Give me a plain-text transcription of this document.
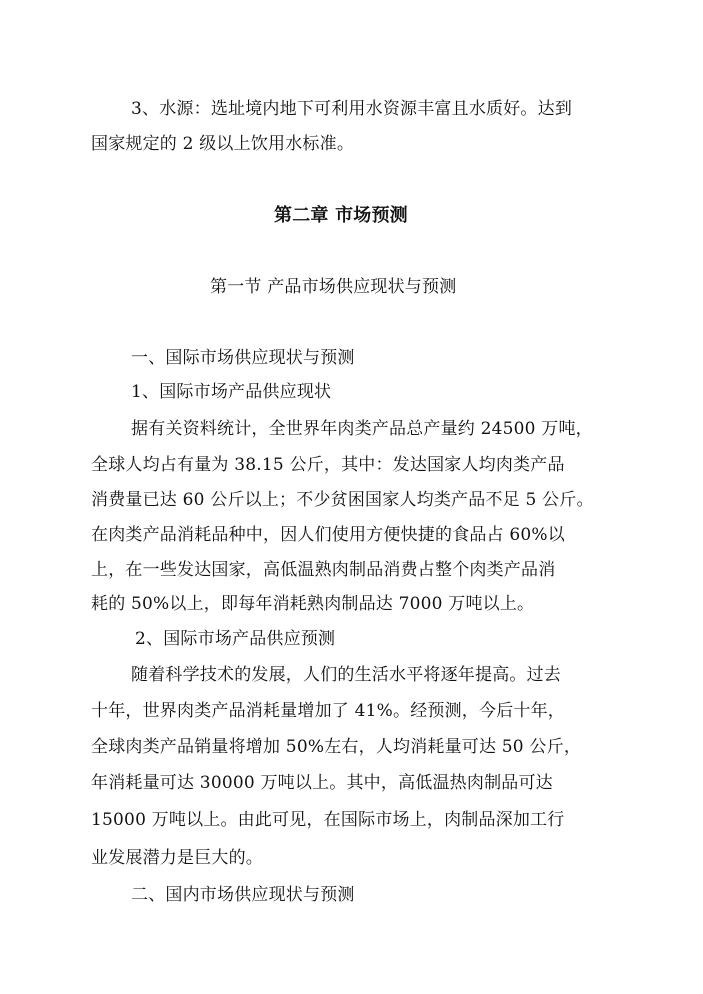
3、水源：选址境内地下可利用水资源丰富且水质好。达到
国家规定的 2 级以上饮用水标准。
第二章 市场预测
第一节 产品市场供应现状与预测
一、国际市场供应现状与预测
1、国际市场产品供应现状
据有关资料统计，全世界年肉类产品总产量约 24500 万吨，
全球人均占有量为 38.15 公斤，其中：发达国家人均肉类产品
消费量已达 60 公斤以上；不少贫困国家人均类产品不足 5 公斤。
在肉类产品消耗品种中，因人们使用方便快捷的食品占 60%以
上，在一些发达国家，高低温熟肉制品消费占整个肉类产品消
耗的 50%以上，即每年消耗熟肉制品达 7000 万吨以上。
2、国际市场产品供应预测
随着科学技术的发展，人们的生活水平将逐年提高。过去
十年，世界肉类产品消耗量增加了 41%。经预测，今后十年，
全球肉类产品销量将增加 50%左右，人均消耗量可达 50 公斤，
年消耗量可达 30000 万吨以上。其中，高低温热肉制品可达
15000 万吨以上。由此可见，在国际市场上，肉制品深加工行
业发展潜力是巨大的。
二、国内市场供应现状与预测
